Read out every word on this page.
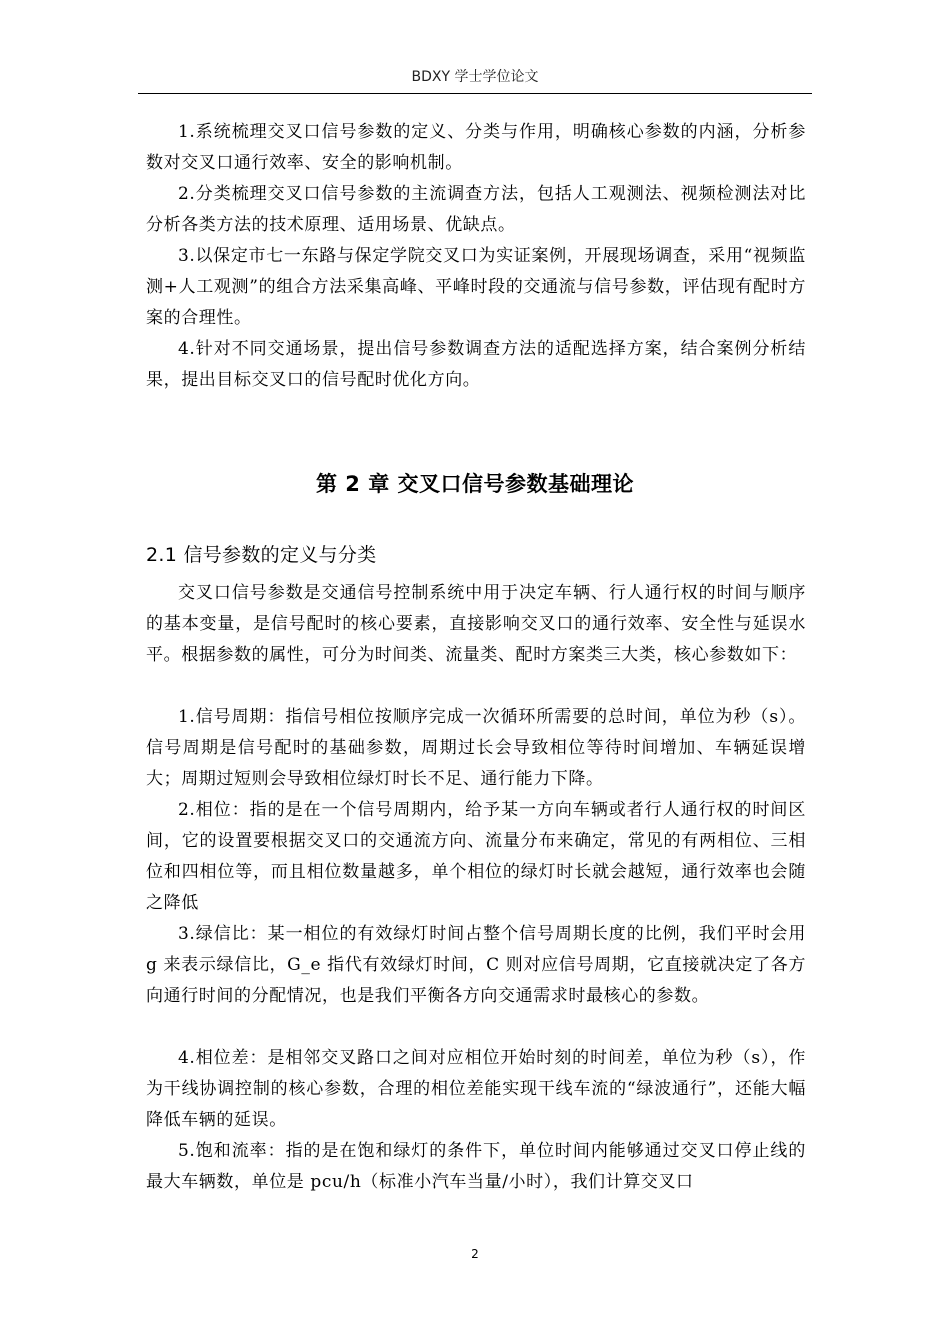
BDXY 学士学位论文

1.系统梳理交叉口信号参数的定义、分类与作用，明确核心参数的内涵，分析参数对交叉口通行效率、安全的影响机制。

2.分类梳理交叉口信号参数的主流调查方法，包括人工观测法、视频检测法对比分析各类方法的技术原理、适用场景、优缺点。

3.以保定市七一东路与保定学院交叉口为实证案例，开展现场调查，采用“视频监测+人工观测”的组合方法采集高峰、平峰时段的交通流与信号参数，评估现有配时方案的合理性。

4.针对不同交通场景，提出信号参数调查方法的适配选择方案，结合案例分析结果，提出目标交叉口的信号配时优化方向。

第 2 章 交叉口信号参数基础理论
2.1 信号参数的定义与分类

交叉口信号参数是交通信号控制系统中用于决定车辆、行人通行权的时间与顺序的基本变量，是信号配时的核心要素，直接影响交叉口的通行效率、安全性与延误水平。根据参数的属性，可分为时间类、流量类、配时方案类三大类，核心参数如下：

1.信号周期：指信号相位按顺序完成一次循环所需要的总时间，单位为秒（s）。信号周期是信号配时的基础参数，周期过长会导致相位等待时间增加、车辆延误增大；周期过短则会导致相位绿灯时长不足、通行能力下降。

2.相位：指的是在一个信号周期内，给予某一方向车辆或者行人通行权的时间区间，它的设置要根据交叉口的交通流方向、流量分布来确定，常见的有两相位、三相位和四相位等，而且相位数量越多，单个相位的绿灯时长就会越短，通行效率也会随之降低

3.绿信比：某一相位的有效绿灯时间占整个信号周期长度的比例，我们平时会用 g 来表示绿信比，G_e 指代有效绿灯时间，C 则对应信号周期，它直接就决定了各方向通行时间的分配情况，也是我们平衡各方向交通需求时最核心的参数。

4.相位差：是相邻交叉路口之间对应相位开始时刻的时间差，单位为秒（s），作为干线协调控制的核心参数，合理的相位差能实现干线车流的“绿波通行”，还能大幅降低车辆的延误。

5.饱和流率：指的是在饱和绿灯的条件下，单位时间内能够通过交叉口停止线的最大车辆数，单位是 pcu/h（标准小汽车当量/小时），我们计算交叉口

2
